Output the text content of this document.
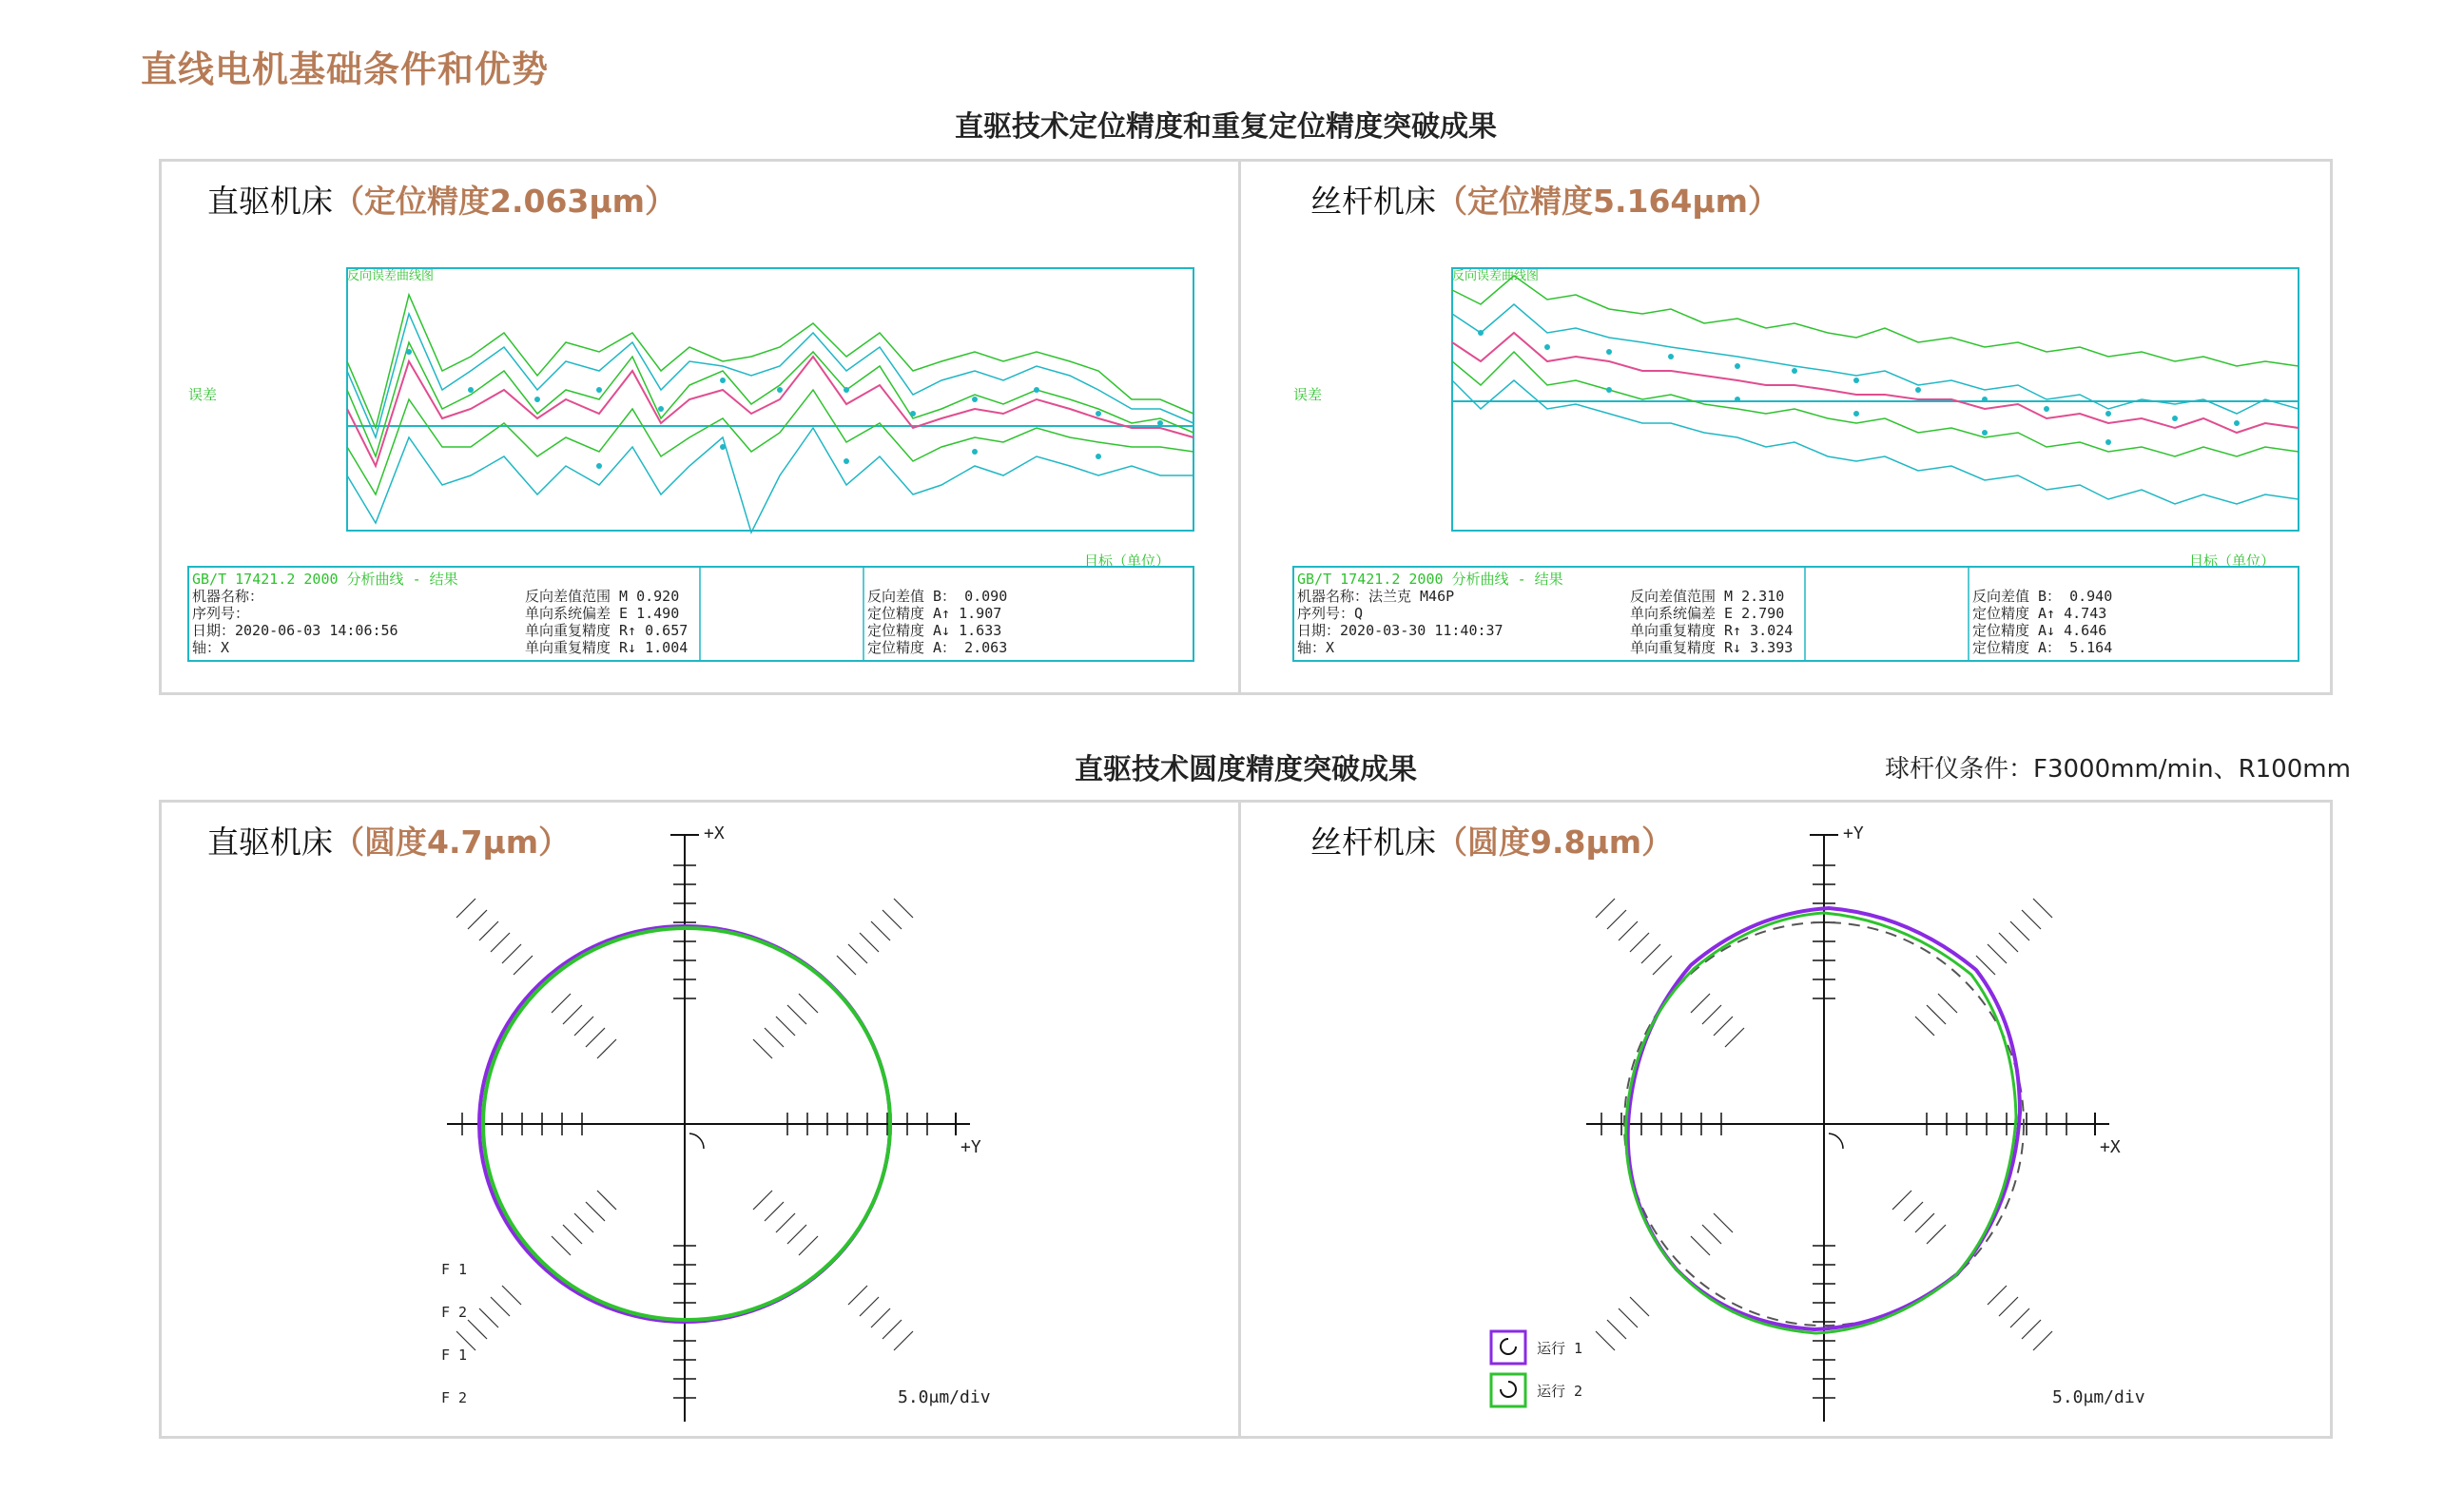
直线电机基础条件和优势
直驱技术定位精度和重复定位精度突破成果
直驱机床（定位精度2.063μm）	丝杆机床（定位精度5.164μm）
反向误差曲线图
误差
目标（单位）
GB/T 17421.2 2000 分析曲线 - 结果
机器名称：
序列号：
日期：2020-06-03 14:06:56
轴：X
反向差值范围 M 0.920
单向系统偏差 E 1.490
单向重复精度 R↑ 0.657
单向重复精度 R↓ 1.004
反向差值 B： 0.090
定位精度 A↑ 1.907
定位精度 A↓ 1.633
定位精度 A： 2.063
反向误差曲线图
误差
目标（单位）
GB/T 17421.2 2000 分析曲线 - 结果
机器名称：法兰克 M46P
序列号：Q
日期：2020-03-30 11:40:37
轴：X
反向差值范围 M 2.310
单向系统偏差 E 2.790
单向重复精度 R↑ 3.024
单向重复精度 R↓ 3.393
反向差值 B： 0.940
定位精度 A↑ 4.743
定位精度 A↓ 4.646
定位精度 A： 5.164
直驱技术圆度精度突破成果	球杆仪条件：F3000mm/min、R100mm
直驱机床（圆度4.7μm）	丝杆机床（圆度9.8μm）
+X
+Y
5.0μm/div
F 1
F 2
F 1
F 2
+Y
+X
5.0μm/div
运行 1
运行 2
